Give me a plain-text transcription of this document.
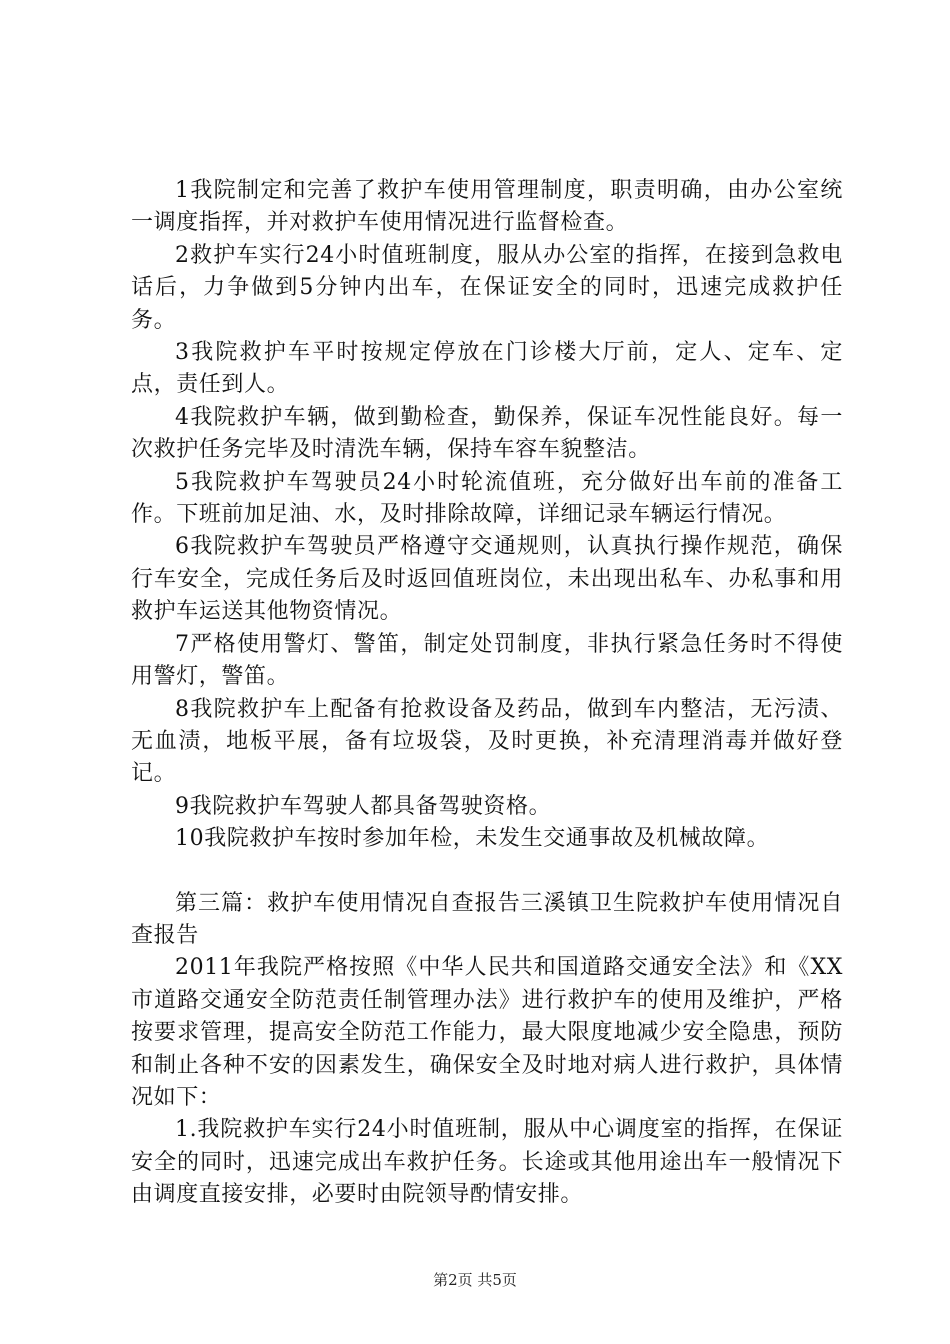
1我院制定和完善了救护车使用管理制度，职责明确，由办公室统一调度指挥，并对救护车使用情况进行监督检查。

2救护车实行24小时值班制度，服从办公室的指挥，在接到急救电话后，力争做到5分钟内出车，在保证安全的同时，迅速完成救护任务。

3我院救护车平时按规定停放在门诊楼大厅前，定人、定车、定点，责任到人。

4我院救护车辆，做到勤检查，勤保养，保证车况性能良好。每一次救护任务完毕及时清洗车辆，保持车容车貌整洁。

5我院救护车驾驶员24小时轮流值班，充分做好出车前的准备工作。下班前加足油、水，及时排除故障，详细记录车辆运行情况。

6我院救护车驾驶员严格遵守交通规则，认真执行操作规范，确保行车安全，完成任务后及时返回值班岗位，未出现出私车、办私事和用救护车运送其他物资情况。

7严格使用警灯、警笛，制定处罚制度，非执行紧急任务时不得使用警灯，警笛。

8我院救护车上配备有抢救设备及药品，做到车内整洁，无污渍、无血渍，地板平展，备有垃圾袋，及时更换，补充清理消毒并做好登记。

9我院救护车驾驶人都具备驾驶资格。

10我院救护车按时参加年检，未发生交通事故及机械故障。

第三篇：救护车使用情况自查报告三溪镇卫生院救护车使用情况自查报告

2011年我院严格按照《中华人民共和国道路交通安全法》和《XX市道路交通安全防范责任制管理办法》进行救护车的使用及维护，严格按要求管理，提高安全防范工作能力，最大限度地减少安全隐患，预防和制止各种不安的因素发生，确保安全及时地对病人进行救护，具体情况如下：

1.我院救护车实行24小时值班制，服从中心调度室的指挥，在保证安全的同时，迅速完成出车救护任务。长途或其他用途出车一般情况下由调度直接安排，必要时由院领导酌情安排。

第2页 共5页
